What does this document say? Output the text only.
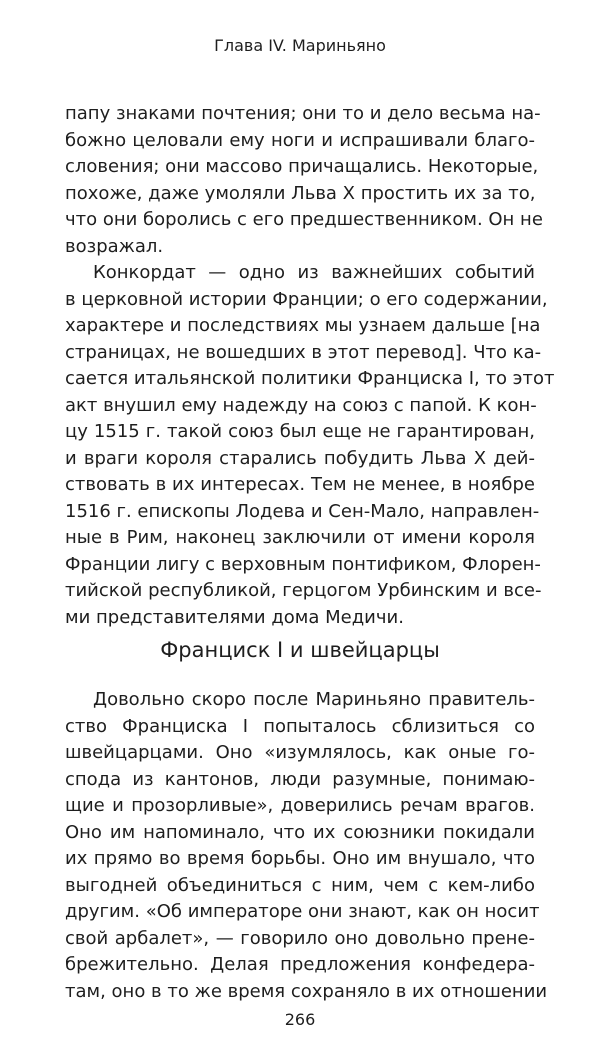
Глава IV. Мариньяно
папу знаками почтения; они то и дело весьма на-
божно целовали ему ноги и испрашивали благо-
словения; они массово причащались. Некоторые,
похоже, даже умоляли Льва X простить их за то,
что они боролись с его предшественником. Он не
возражал.
Конкордат — одно из важнейших событий
в церковной истории Франции; о его содержании,
характере и последствиях мы узнаем дальше [на
страницах, не вошедших в этот перевод]. Что ка-
сается итальянской политики Франциска I, то этот
акт внушил ему надежду на союз с папой. К кон-
цу 1515 г. такой союз был еще не гарантирован,
и враги короля старались побудить Льва X дей-
ствовать в их интересах. Тем не менее, в ноябре
1516 г. епископы Лодева и Сен-Мало, направлен-
ные в Рим, наконец заключили от имени короля
Франции лигу с верховным понтификом, Флорен-
тийской республикой, герцогом Урбинским и все-
ми представителями дома Медичи.
Франциск I и швейцарцы
Довольно скоро после Мариньяно правитель-
ство Франциска I попыталось сблизиться со
швейцарцами. Оно «изумлялось, как оные го-
спода из кантонов, люди разумные, понимаю-
щие и прозорливые», доверились речам врагов.
Оно им напоминало, что их союзники покидали
их прямо во время борьбы. Оно им внушало, что
выгодней объединиться с ним, чем с кем-либо
другим. «Об императоре они знают, как он носит
свой арбалет», — говорило оно довольно прене-
брежительно. Делая предложения конфедера-
там, оно в то же время сохраняло в их отношении
266
